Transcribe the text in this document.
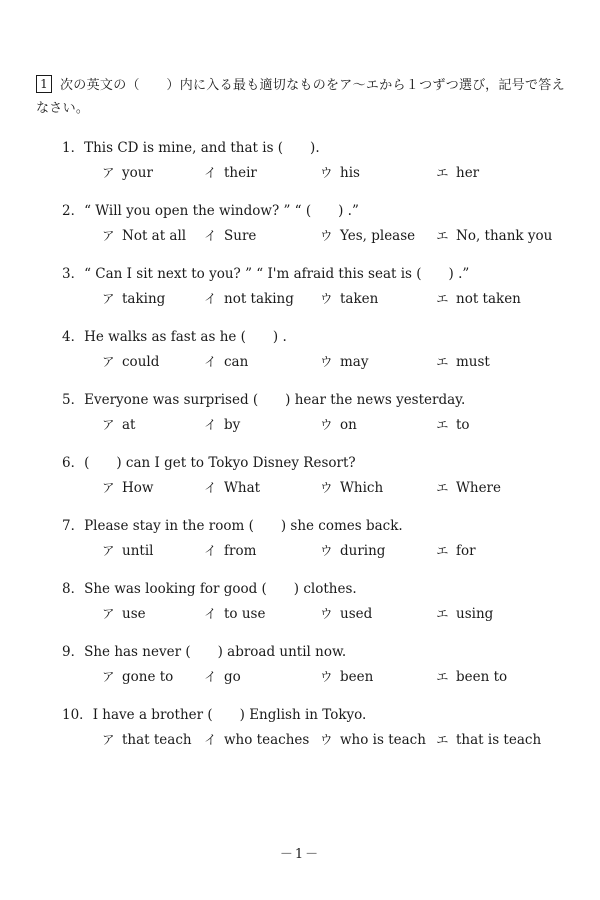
1 次の英文の（　　）内に入る最も適切なものをア～エから１つずつ選び，記号で答えなさい。
1．This CD is mine, and that is (　　).
ア your	イ their	ウ his	エ her
2．“ Will you open the window? ” “ (　　) .”
ア Not at all イ Sure	ウ Yes, please エ No, thank you
3．“ Can I sit next to you? ” “ I'm afraid this seat is (　　) .”
ア taking	イ not taking ウ taken	エ not taken
4．He walks as fast as he (　　) .
ア could	イ can	ウ may	エ must
5．Everyone was surprised (　　) hear the news yesterday.
ア at	イ by	ウ on	エ to
6．(　　) can I get to Tokyo Disney Resort?
ア How	イ What	ウ Which	エ Where
7．Please stay in the room (　　) she comes back.
ア until	イ from	ウ during	エ for
8．She was looking for good (　　) clothes.
ア use	イ to use	ウ used	エ using
9．She has never (　　) abroad until now.
ア gone to イ go	ウ been	エ been to
10．I have a brother (　　) English in Tokyo.
ア that teach イ who teaches ウ who is teach エ that is teach
－1－
